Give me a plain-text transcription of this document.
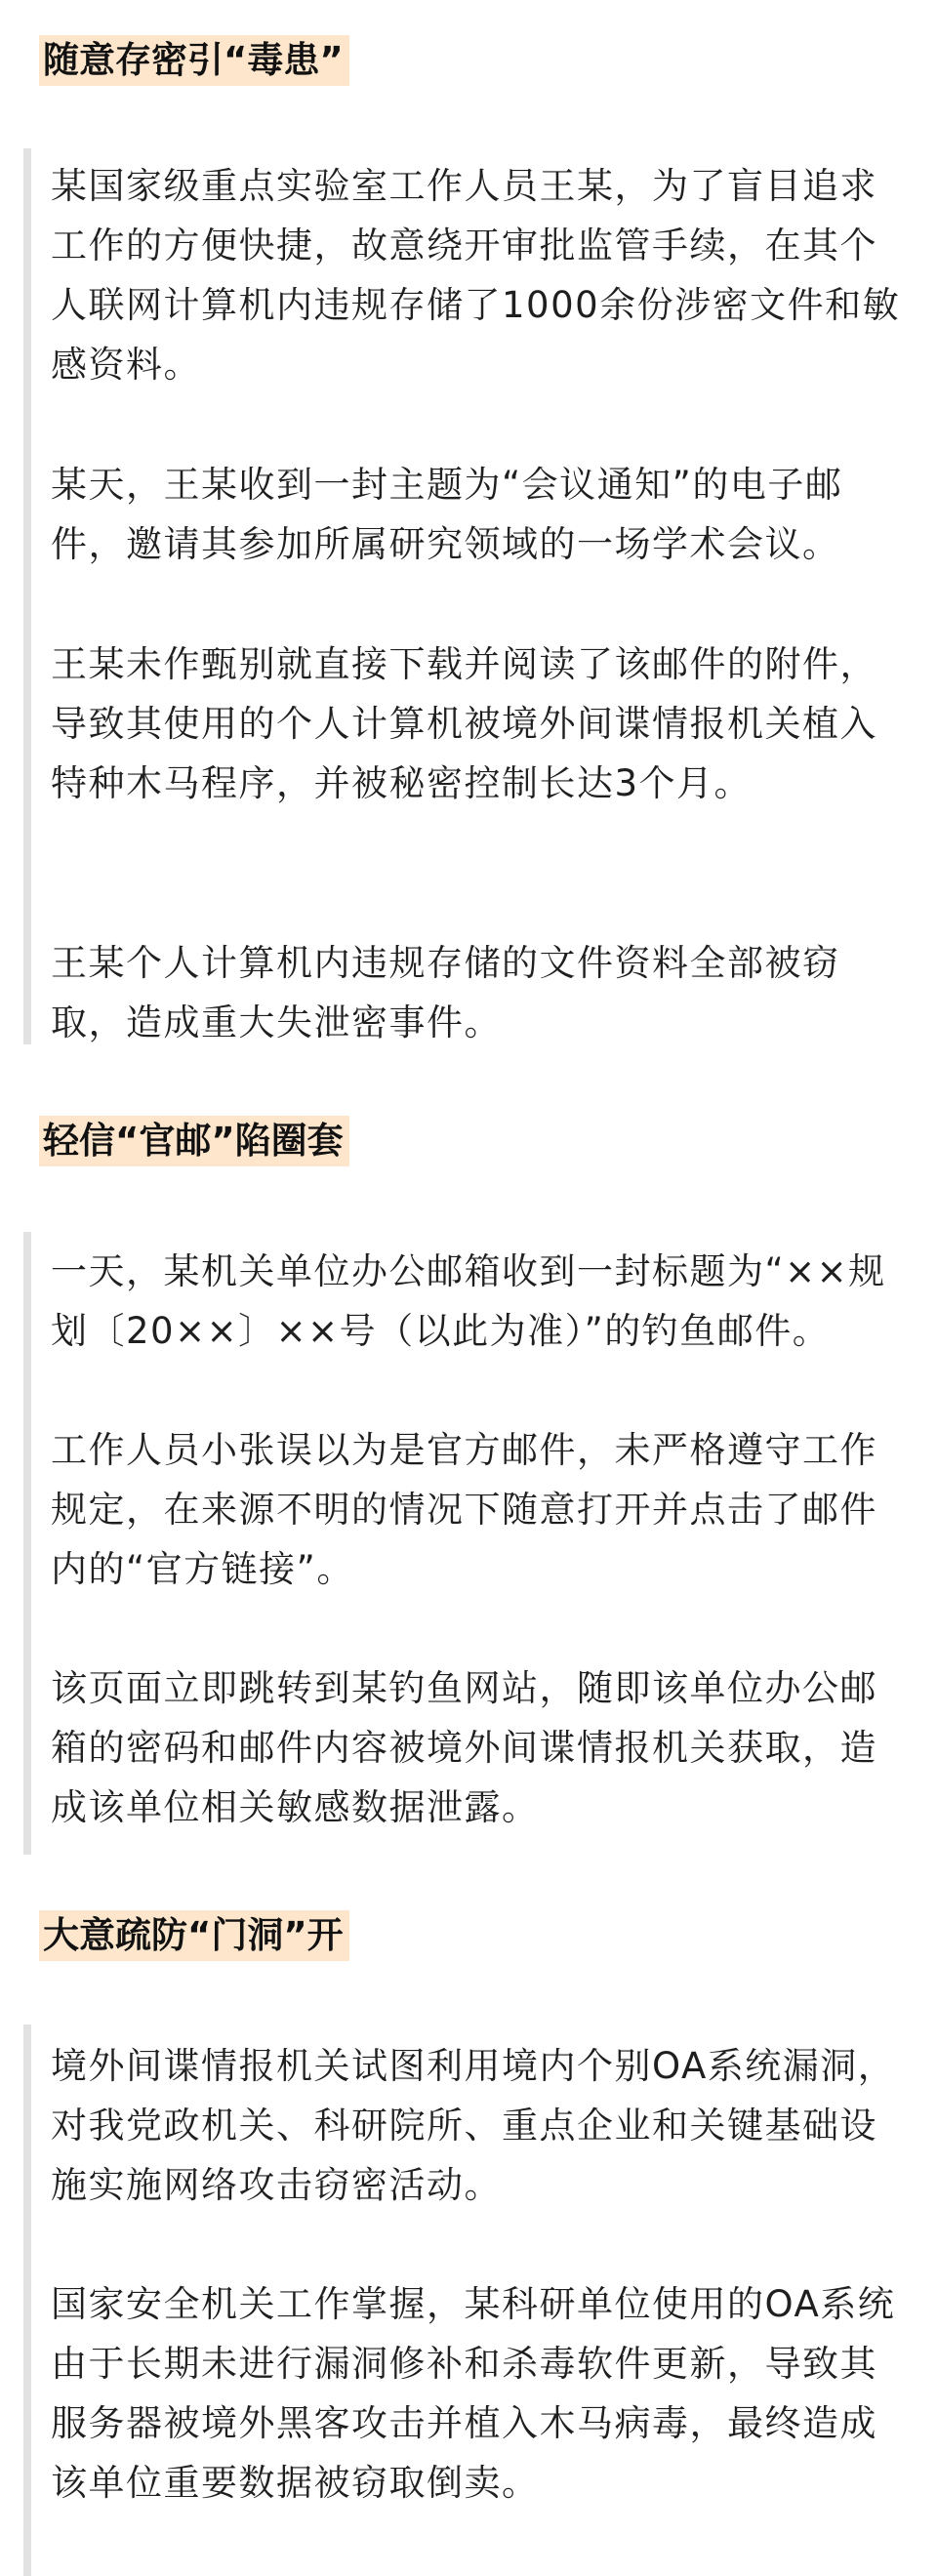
随意存密引“毒患”

某国家级重点实验室工作人员王某，为了盲目追求工作的方便快捷，故意绕开审批监管手续，在其个人联网计算机内违规存储了1000余份涉密文件和敏感资料。

某天，王某收到一封主题为“会议通知”的电子邮件，邀请其参加所属研究领域的一场学术会议。

王某未作甄别就直接下载并阅读了该邮件的附件，导致其使用的个人计算机被境外间谍情报机关植入特种木马程序，并被秘密控制长达3个月。

王某个人计算机内违规存储的文件资料全部被窃取，造成重大失泄密事件。

轻信“官邮”陷圈套

一天，某机关单位办公邮箱收到一封标题为“××规划〔20××〕××号（以此为准）”的钓鱼邮件。

工作人员小张误以为是官方邮件，未严格遵守工作规定，在来源不明的情况下随意打开并点击了邮件内的“官方链接”。

该页面立即跳转到某钓鱼网站，随即该单位办公邮箱的密码和邮件内容被境外间谍情报机关获取，造成该单位相关敏感数据泄露。

大意疏防“门洞”开

境外间谍情报机关试图利用境内个别OA系统漏洞，对我党政机关、科研院所、重点企业和关键基础设施实施网络攻击窃密活动。

国家安全机关工作掌握，某科研单位使用的OA系统由于长期未进行漏洞修补和杀毒软件更新，导致其服务器被境外黑客攻击并植入木马病毒，最终造成该单位重要数据被窃取倒卖。
